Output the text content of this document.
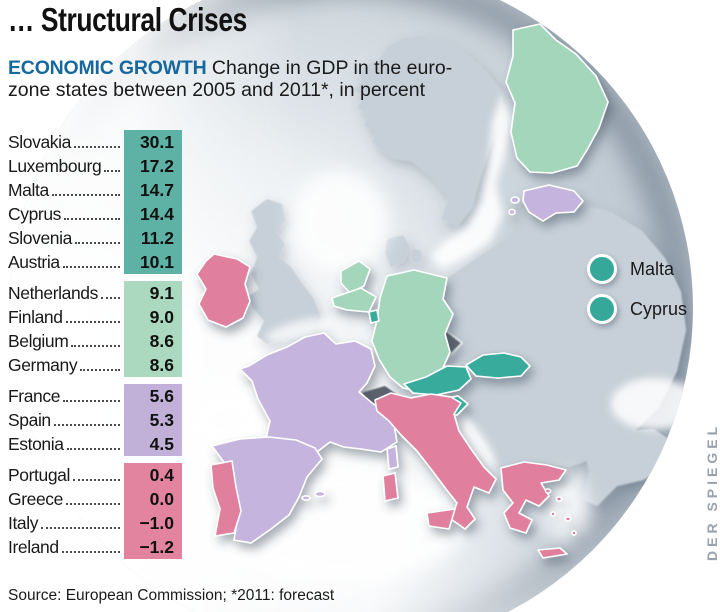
… Structural Crises
ECONOMIC GROWTH Change in GDP in the euro-zone states between 2005 and 2011*, in percent
Slovakia	30.1
Luxembourg	17.2
Malta	14.7
Cyprus	14.4
Slovenia	11.2
Austria	10.1
Netherlands	9.1
Finland	9.0
Belgium	8.6
Germany	8.6
France	5.6
Spain	5.3
Estonia	4.5
Portugal	0.4
Greece	0.0
Italy	−1.0
Ireland	−1.2
Malta
Cyprus
Source: European Commission; *2011: forecast
DER SPIEGEL
